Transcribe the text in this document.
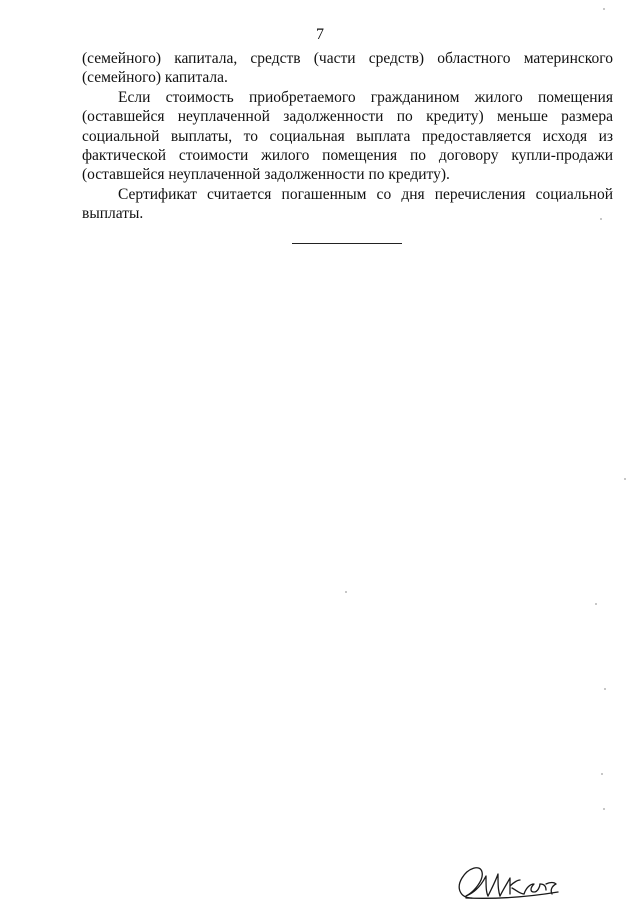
7

(семейного) капитала, средств (части средств) областного материнского (семейного) капитала.

Если стоимость приобретаемого гражданином жилого помещения (оставшейся неуплаченной задолженности по кредиту) меньше размера социальной выплаты, то социальная выплата предоставляется исходя из фактической стоимости жилого помещения по договору купли-продажи (оставшейся неуплаченной задолженности по кредиту).

Сертификат считается погашенным со дня перечисления социальной выплаты.
